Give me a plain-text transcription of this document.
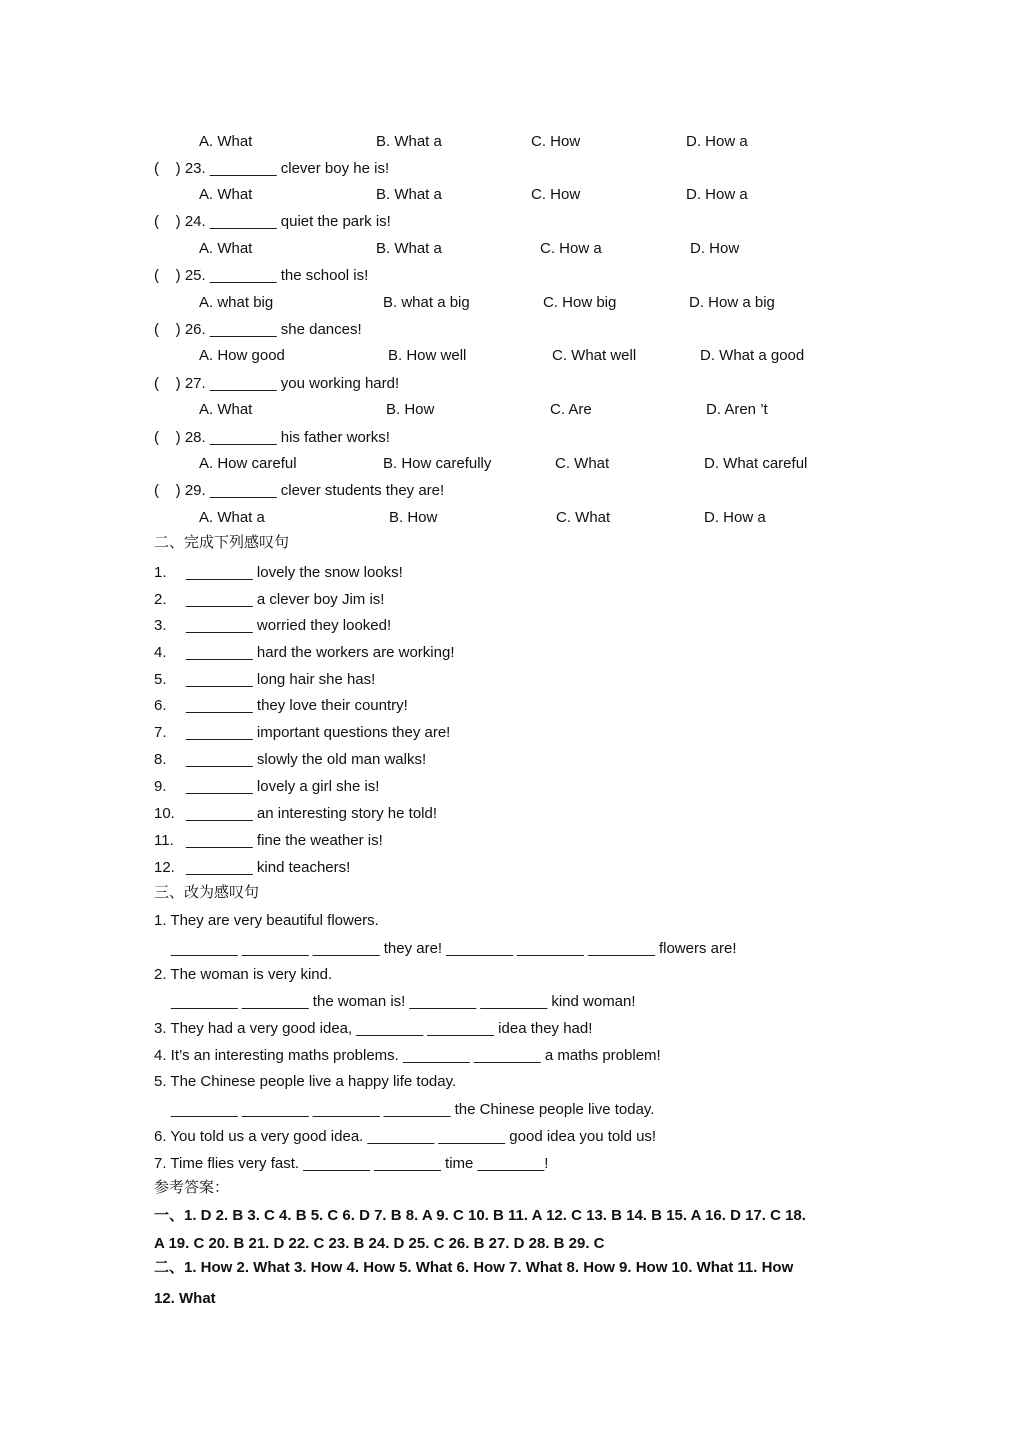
A. What	B. What a	C. How	D. How a
(    ) 23. ________ clever boy he is!
A. What	B. What a	C. How	D. How a
(    ) 24. ________ quiet the park is!
A. What	B. What a	C. How a	D. How
(    ) 25. ________ the school is!
A. what big	B. what a big	C. How big	D. How a big
(    ) 26. ________ she dances!
A. How good	B. How well	C. What well	D. What a good
(    ) 27. ________ you working hard!
A. What	B. How	C. Are	D. Aren ’t
(    ) 28. ________ his father works!
A. How careful	B. How carefully	C. What	D. What careful
(    ) 29. ________ clever students they are!
A. What a	B. How	C. What	D. How a
二、完成下列感叹句
1. ________ lovely the snow looks!
2. ________ a clever boy Jim is!
3. ________ worried they looked!
4. ________ hard the workers are working!
5. ________ long hair she has!
6. ________ they love their country!
7. ________ important questions they are!
8. ________ slowly the old man walks!
9. ________ lovely a girl she is!
10. ________ an interesting story he told!
11. ________ fine the weather is!
12. ________ kind teachers!
三、改为感叹句
1. They are very beautiful flowers.
________ ________ ________ they are! ________ ________ ________ flowers are!
2. The woman is very kind.
________ ________ the woman is! ________ ________ kind woman!
3. They had a very good idea, ________ ________ idea they had!
4. It’s an interesting maths problems. ________ ________ a maths problem!
5. The Chinese people live a happy life today.
________ ________ ________ ________ the Chinese people live today.
6. You told us a very good idea. ________ ________ good idea you told us!
7. Time flies very fast. ________ ________ time ________!
参考答案：
一、1. D 2. B 3. C 4. B 5. C 6. D 7. B 8. A 9. C 10. B 11. A 12. C 13. B 14. B 15. A 16. D 17. C 18.
A 19. C 20. B 21. D 22. C 23. B 24. D 25. C 26. B 27. D 28. B 29. C
二、1. How 2. What 3. How 4. How 5. What 6. How 7. What 8. How 9. How 10. What 11. How
12. What
